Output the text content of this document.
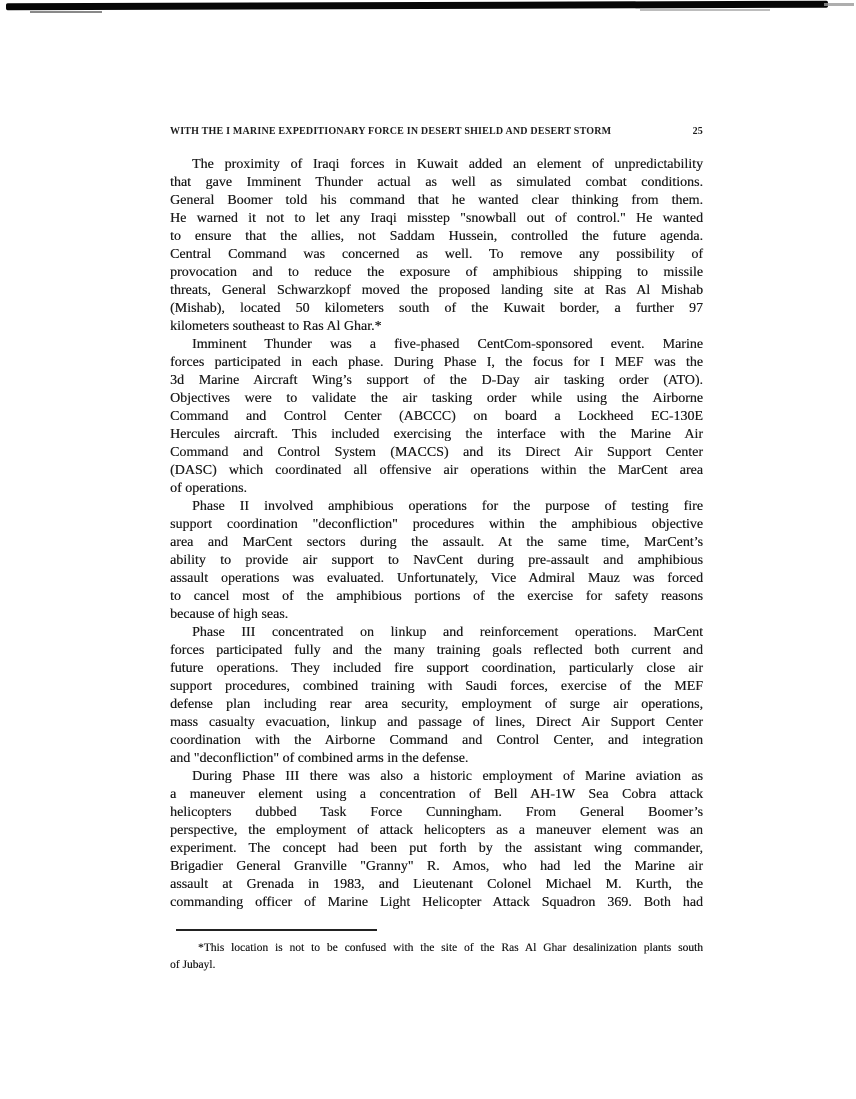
WITH THE I MARINE EXPEDITIONARY FORCE IN DESERT SHIELD AND DESERT STORM	25
The proximity of Iraqi forces in Kuwait added an element of unpredictability
that gave Imminent Thunder actual as well as simulated combat conditions.
General Boomer told his command that he wanted clear thinking from them.
He warned it not to let any Iraqi misstep "snowball out of control." He wanted
to ensure that the allies, not Saddam Hussein, controlled the future agenda.
Central Command was concerned as well. To remove any possibility of
provocation and to reduce the exposure of amphibious shipping to missile
threats, General Schwarzkopf moved the proposed landing site at Ras Al Mishab
(Mishab), located 50 kilometers south of the Kuwait border, a further 97
kilometers southeast to Ras Al Ghar.*
Imminent Thunder was a five-phased CentCom-sponsored event. Marine
forces participated in each phase. During Phase I, the focus for I MEF was the
3d Marine Aircraft Wing’s support of the D-Day air tasking order (ATO).
Objectives were to validate the air tasking order while using the Airborne
Command and Control Center (ABCCC) on board a Lockheed EC-130E
Hercules aircraft. This included exercising the interface with the Marine Air
Command and Control System (MACCS) and its Direct Air Support Center
(DASC) which coordinated all offensive air operations within the MarCent area
of operations.
Phase II involved amphibious operations for the purpose of testing fire
support coordination "deconfliction" procedures within the amphibious objective
area and MarCent sectors during the assault. At the same time, MarCent’s
ability to provide air support to NavCent during pre-assault and amphibious
assault operations was evaluated. Unfortunately, Vice Admiral Mauz was forced
to cancel most of the amphibious portions of the exercise for safety reasons
because of high seas.
Phase III concentrated on linkup and reinforcement operations. MarCent
forces participated fully and the many training goals reflected both current and
future operations. They included fire support coordination, particularly close air
support procedures, combined training with Saudi forces, exercise of the MEF
defense plan including rear area security, employment of surge air operations,
mass casualty evacuation, linkup and passage of lines, Direct Air Support Center
coordination with the Airborne Command and Control Center, and integration
and "deconfliction" of combined arms in the defense.
During Phase III there was also a historic employment of Marine aviation as
a maneuver element using a concentration of Bell AH-1W Sea Cobra attack
helicopters dubbed Task Force Cunningham. From General Boomer’s
perspective, the employment of attack helicopters as a maneuver element was an
experiment. The concept had been put forth by the assistant wing commander,
Brigadier General Granville "Granny" R. Amos, who had led the Marine air
assault at Grenada in 1983, and Lieutenant Colonel Michael M. Kurth, the
commanding officer of Marine Light Helicopter Attack Squadron 369. Both had
*This location is not to be confused with the site of the Ras Al Ghar desalinization plants south
of Jubayl.
